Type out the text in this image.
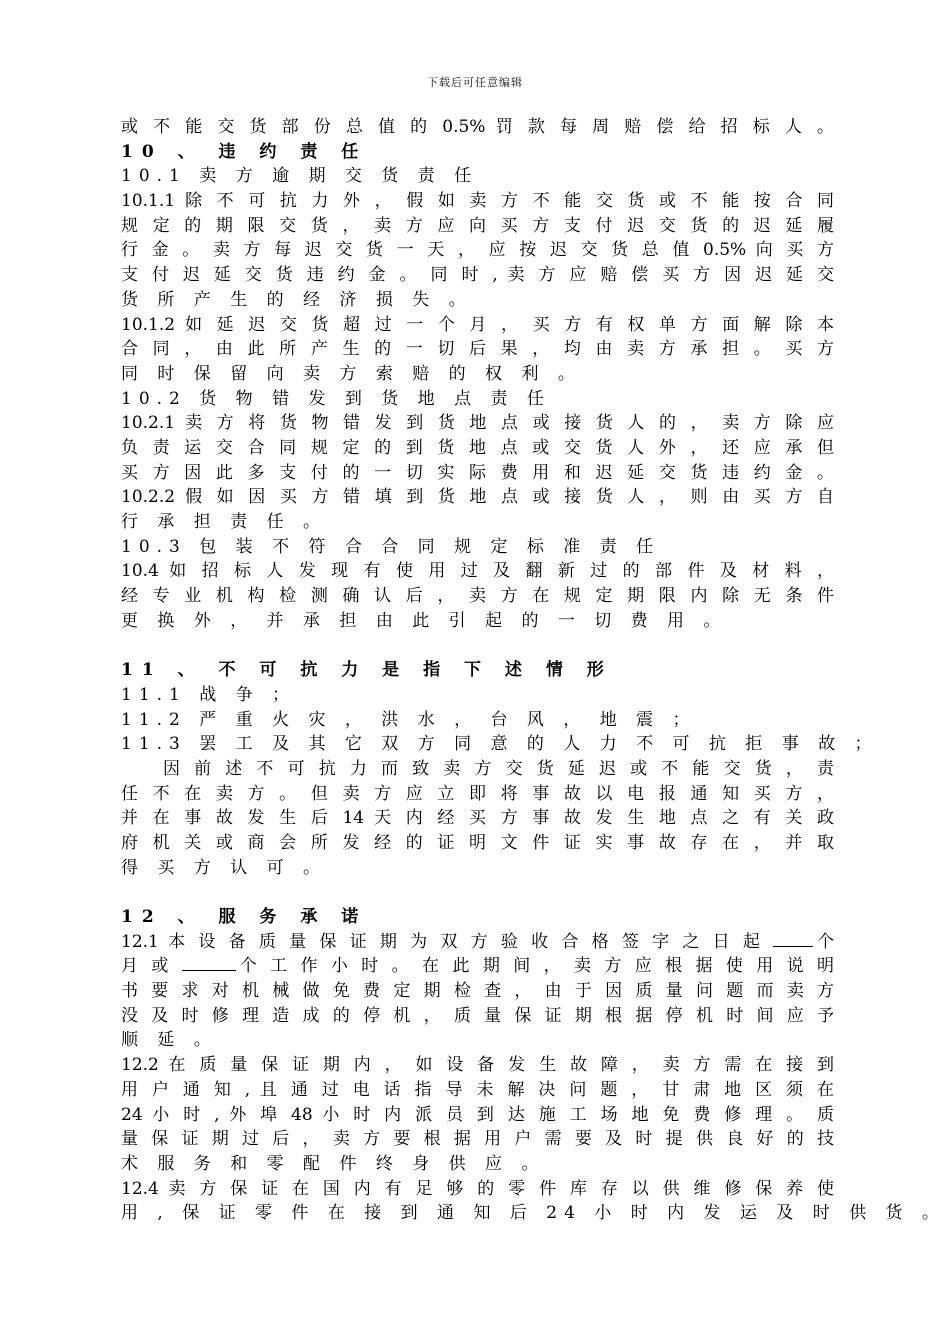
下载后可任意编辑
或 不 能 交 货 部 份 总 值 的 0.5% 罚 款 每 周 赔 偿 给 招 标 人 。
10 、 违 约 责 任
10.1 卖 方 逾 期 交 货 责 任
10.1.1 除 不 可 抗 力 外 ， 假 如 卖 方 不 能 交 货 或 不 能 按 合 同
规 定 的 期 限 交 货 ， 卖 方 应 向 买 方 支 付 迟 交 货 的 迟 延 履
行 金 。 卖 方 每 迟 交 货 一 天 ， 应 按 迟 交 货 总 值 0.5% 向 买 方
支 付 迟 延 交 货 违 约 金 。 同 时 , 卖 方 应 赔 偿 买 方 因 迟 延 交
货 所 产 生 的 经 济 损 失 。
10.1.2 如 延 迟 交 货 超 过 一 个 月 ， 买 方 有 权 单 方 面 解 除 本
合 同 ， 由 此 所 产 生 的 一 切 后 果 ， 均 由 卖 方 承 担 。 买 方
同 时 保 留 向 卖 方 索 赔 的 权 利 。
10.2 货 物 错 发 到 货 地 点 责 任
10.2.1 卖 方 将 货 物 错 发 到 货 地 点 或 接 货 人 的 ， 卖 方 除 应
负 责 运 交 合 同 规 定 的 到 货 地 点 或 交 货 人 外 ， 还 应 承 但
买 方 因 此 多 支 付 的 一 切 实 际 费 用 和 迟 延 交 货 违 约 金 。
10.2.2 假 如 因 买 方 错 填 到 货 地 点 或 接 货 人 ， 则 由 买 方 自
行 承 担 责 任 。
10.3 包 装 不 符 合 合 同 规 定 标 准 责 任
10.4 如 招 标 人 发 现 有 使 用 过 及 翻 新 过 的 部 件 及 材 料 ，
经 专 业 机 构 检 测 确 认 后 ， 卖 方 在 规 定 期 限 内 除 无 条 件
更 换 外 ， 并 承 担 由 此 引 起 的 一 切 费 用 。
11 、 不 可 抗 力 是 指 下 述 情 形
11.1 战 争 ；
11.2 严 重 火 灾 ， 洪 水 ， 台 风 ， 地 震 ；
11.3 罢 工 及 其 它 双 方 同 意 的 人 力 不 可 抗 拒 事 故 ；
因 前 述 不 可 抗 力 而 致 卖 方 交 货 延 迟 或 不 能 交 货 ， 责
任 不 在 卖 方 。 但 卖 方 应 立 即 将 事 故 以 电 报 通 知 买 方 ，
并 在 事 故 发 生 后 14 天 内 经 买 方 事 故 发 生 地 点 之 有 关 政
府 机 关 或 商 会 所 发 经 的 证 明 文 件 证 实 事 故 存 在 ， 并 取
得 买 方 认 可 。
12 、 服 务 承 诺
12.1 本 设 备 质 量 保 证 期 为 双 方 验 收 合 格 签 字 之 日 起	个
月 或	个 工 作 小 时 。 在 此 期 间 ， 卖 方 应 根 据 使 用 说 明
书 要 求 对 机 械 做 免 费 定 期 检 查 ， 由 于 因 质 量 问 题 而 卖 方
没 及 时 修 理 造 成 的 停 机 ， 质 量 保 证 期 根 据 停 机 时 间 应 予
顺 延 。
12.2 在 质 量 保 证 期 内 ， 如 设 备 发 生 故 障 ， 卖 方 需 在 接 到
用 户 通 知 , 且 通 过 电 话 指 导 未 解 决 问 题 ， 甘 肃 地 区 须 在
24 小 时 , 外 埠 48 小 时 内 派 员 到 达 施 工 场 地 免 费 修 理 。 质
量 保 证 期 过 后 ， 卖 方 要 根 据 用 户 需 要 及 时 提 供 良 好 的 技
术 服 务 和 零 配 件 终 身 供 应 。
12.4 卖 方 保 证 在 国 内 有 足 够 的 零 件 库 存 以 供 维 修 保 养 使
用 , 保 证 零 件 在 接 到 通 知 后 24 小 时 内 发 运 及 时 供 货 。
